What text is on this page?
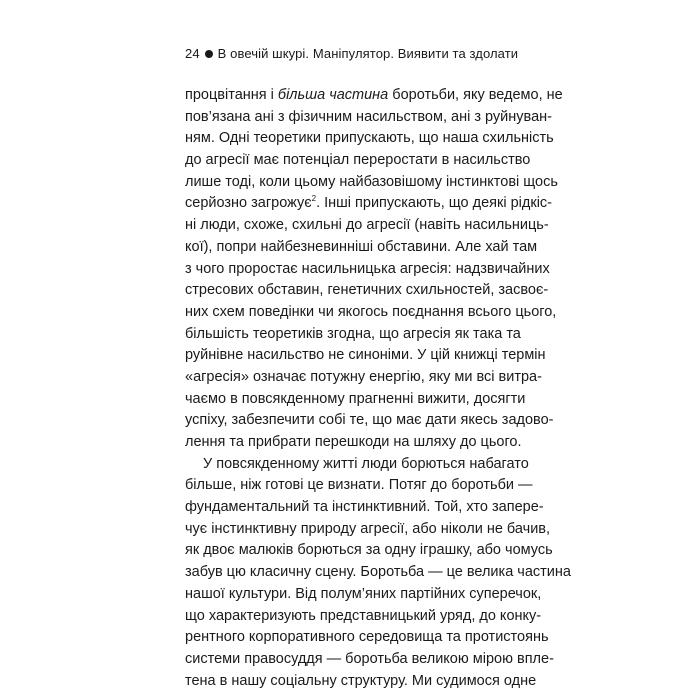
24 В овечій шкурі. Маніпулятор. Виявити та здолати
процвітання і більша частина боротьби, яку ведемо, не
пов’язана ані з фізичним насильством, ані з руйнуван-
ням. Одні теоретики припускають, що наша схильність
до агресії має потенціал переростати в насильство
лише тоді, коли цьому найбазовішому інстинктові щось
серйозно загрожує$^2$. Інші припускають, що деякі рідкіс-
ні люди, схоже, схильні до агресії (навіть насильниць-
кої), попри найбезневинніші обставини. Але хай там
з чого проростає насильницька агресія: надзвичайних
стресових обставин, генетичних схильностей, засвоє-
них схем поведінки чи якогось поєднання всього цього,
більшість теоретиків згодна, що агресія як така та
руйнівне насильство не синоніми. У цій книжці термін
«агресія» означає потужну енергію, яку ми всі витра-
чаємо в повсякденному прагненні вижити, досягти
успіху, забезпечити собі те, що має дати якесь задово-
лення та прибрати перешкоди на шляху до цього.
У повсякденному житті люди борються набагато
більше, ніж готові це визнати. Потяг до боротьби —
фундаментальний та інстинктивний. Той, хто запере-
чує інстинктивну природу агресії, або ніколи не бачив,
як двоє малюків борються за одну іграшку, або чомусь
забув цю класичну сцену. Боротьба — це велика частина
нашої культури. Від полум’яних партійних суперечок,
що характеризують представницький уряд, до конку-
рентного корпоративного середовища та протистоянь
системи правосуддя — боротьба великою мірою вплe-
тена в нашу соціальну структуру. Ми судимося одне
